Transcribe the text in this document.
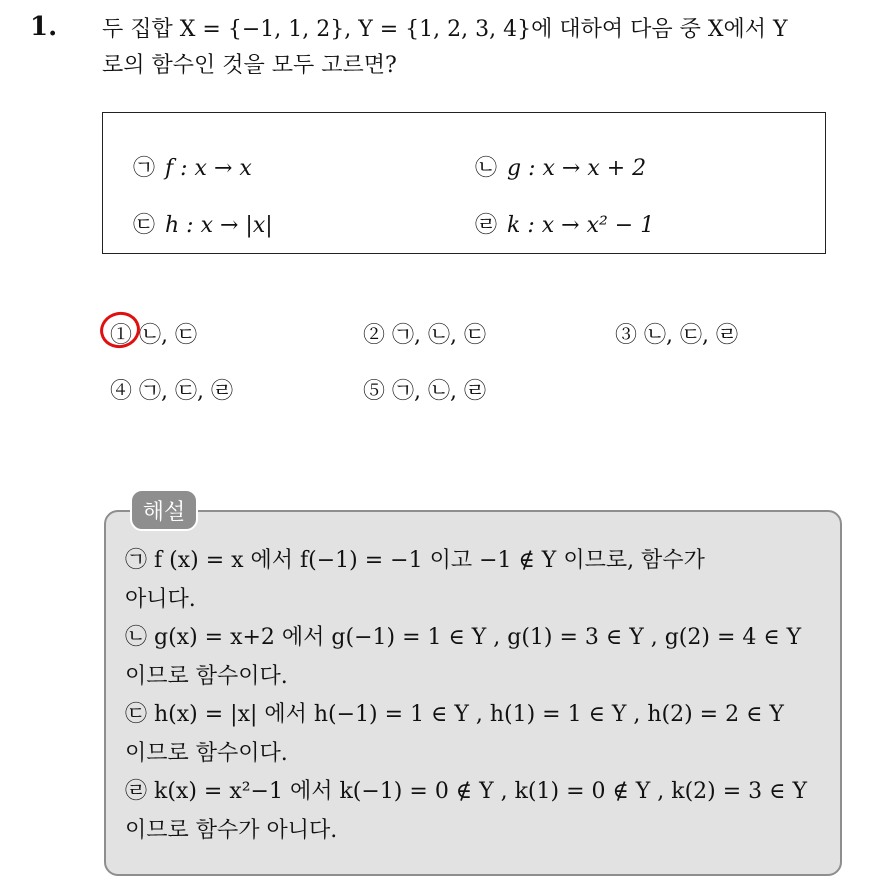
1. 두 집합 X = {−1, 1, 2}, Y = {1, 2, 3, 4}에 대하여 다음 중 X에서 Y
로의 함수인 것을 모두 고르면?
㉠ f : x → x	㉡ g : x → x + 2
㉢ h : x → |x|	㉣ k : x → x² − 1
① ㉡, ㉢	② ㉠, ㉡, ㉢	③ ㉡, ㉢, ㉣
④ ㉠, ㉢, ㉣	⑤ ㉠, ㉡, ㉣
해설
㉠ f (x) = x 에서 f(−1) = −1 이고 −1 ∉ Y 이므로, 함수가
아니다.
㉡ g(x) = x+2 에서 g(−1) = 1 ∈ Y , g(1) = 3 ∈ Y , g(2) = 4 ∈ Y
이므로 함수이다.
㉢ h(x) = |x| 에서 h(−1) = 1 ∈ Y , h(1) = 1 ∈ Y , h(2) = 2 ∈ Y
이므로 함수이다.
㉣ k(x) = x²−1 에서 k(−1) = 0 ∉ Y , k(1) = 0 ∉ Y , k(2) = 3 ∈ Y
이므로 함수가 아니다.
